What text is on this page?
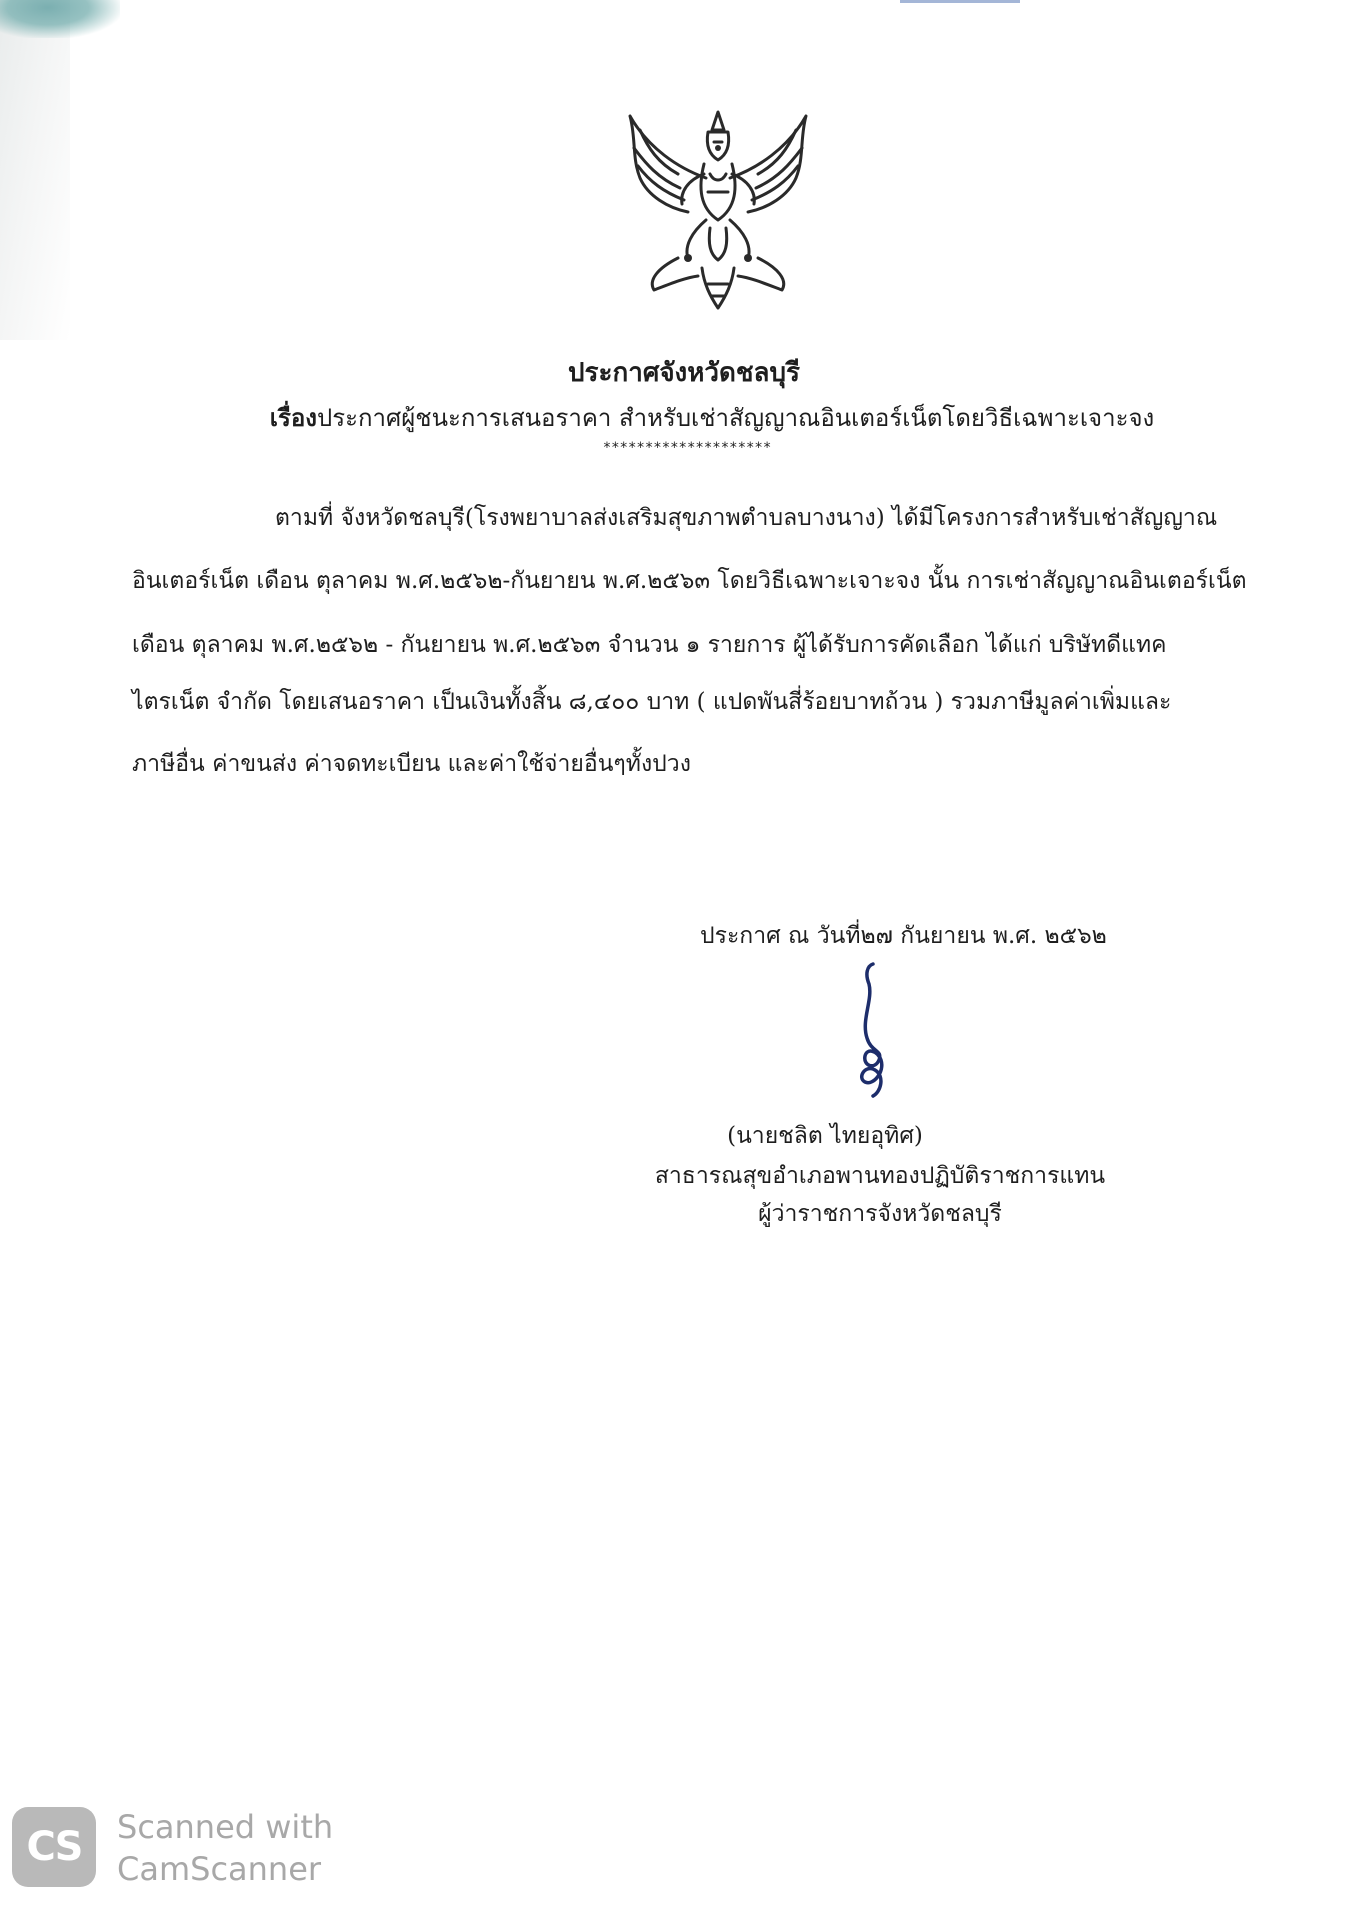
ประกาศจังหวัดชลบุรี
เรื่องประกาศผู้ชนะการเสนอราคา สำหรับเช่าสัญญาณอินเตอร์เน็ตโดยวิธีเฉพาะเจาะจง
********************
ตามที่ จังหวัดชลบุรี(โรงพยาบาลส่งเสริมสุขภาพตำบลบางนาง) ได้มีโครงการสำหรับเช่าสัญญาณ
อินเตอร์เน็ต เดือน ตุลาคม พ.ศ.๒๕๖๒-กันยายน พ.ศ.๒๕๖๓ โดยวิธีเฉพาะเจาะจง นั้น การเช่าสัญญาณอินเตอร์เน็ต
เดือน ตุลาคม พ.ศ.๒๕๖๒ - กันยายน พ.ศ.๒๕๖๓ จำนวน ๑ รายการ ผู้ได้รับการคัดเลือก ได้แก่ บริษัทดีแทค
ไตรเน็ต จำกัด โดยเสนอราคา เป็นเงินทั้งสิ้น ๘,๔๐๐ บาท ( แปดพันสี่ร้อยบาทถ้วน ) รวมภาษีมูลค่าเพิ่มและ
ภาษีอื่น ค่าขนส่ง ค่าจดทะเบียน และค่าใช้จ่ายอื่นๆทั้งปวง
ประกาศ ณ วันที่๒๗ กันยายน พ.ศ. ๒๕๖๒
(นายชลิต ไทยอุทิศ)
สาธารณสุขอำเภอพานทองปฏิบัติราชการแทน
ผู้ว่าราชการจังหวัดชลบุรี
CS	Scanned with
CamScanner
